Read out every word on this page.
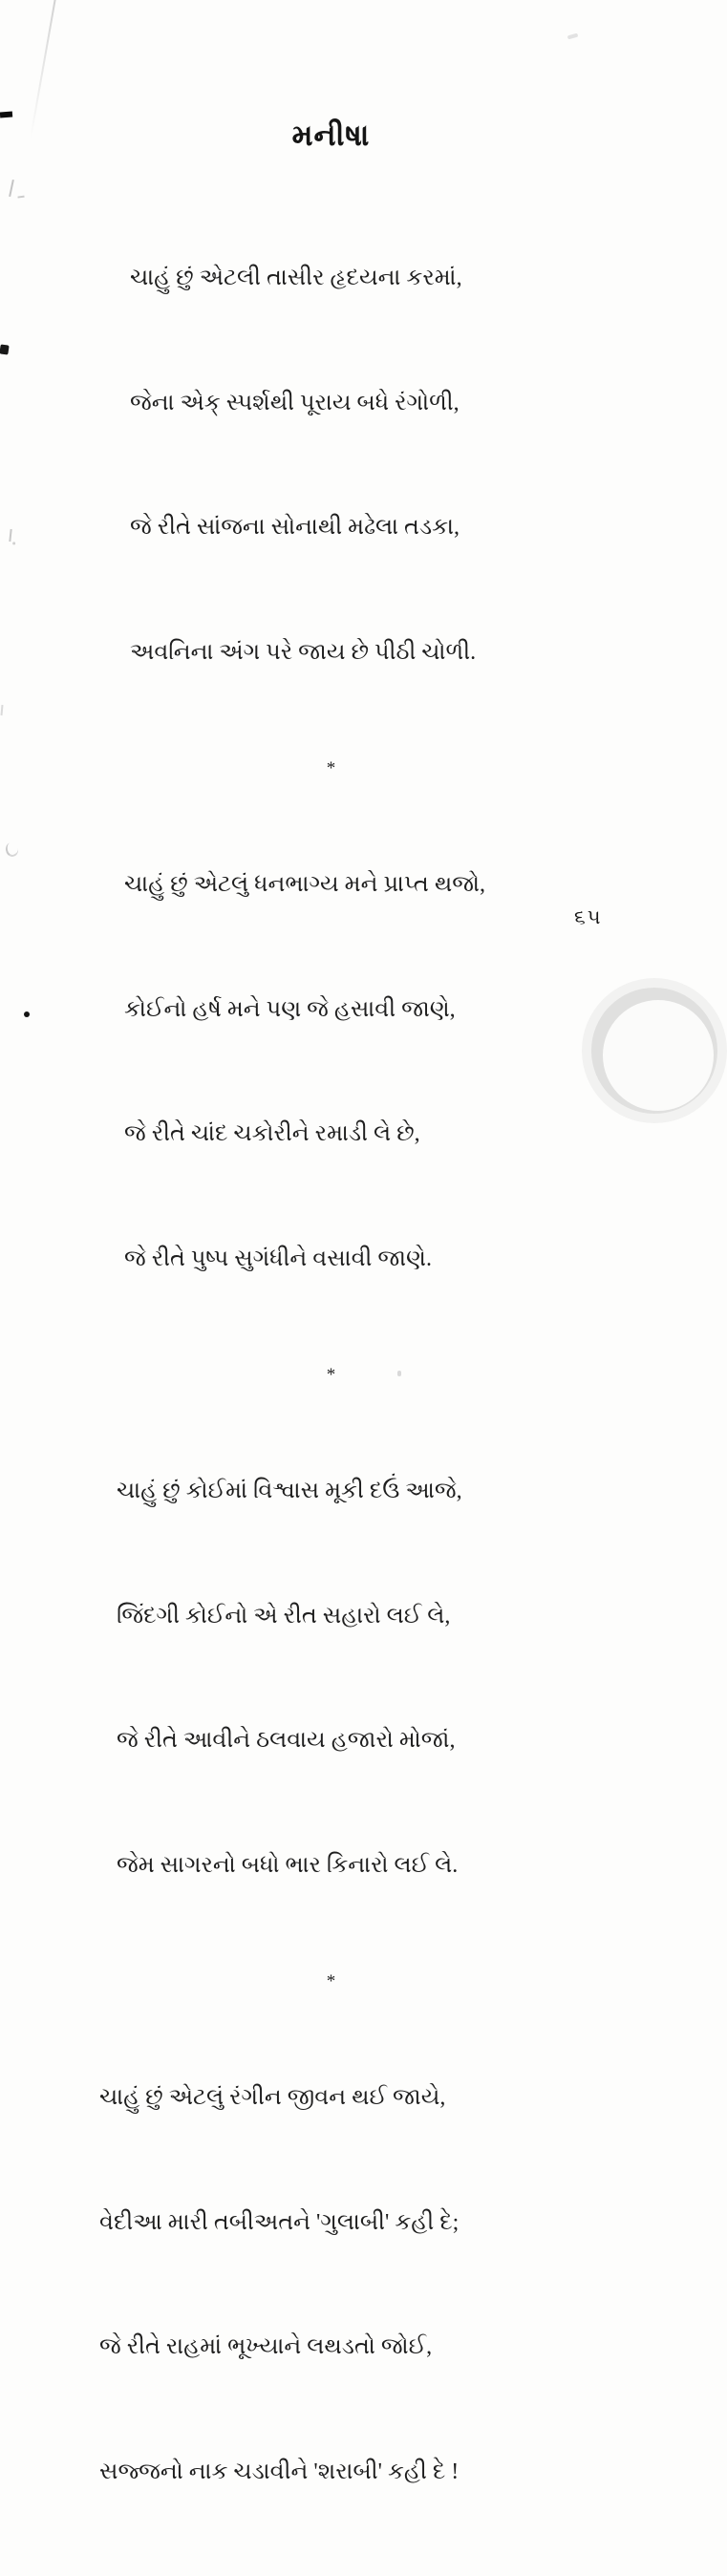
મનીષા

ચાહું છું એટલી તાસીર હૃદયના કરમાં,

જેના એક્ સ્પર્શથી પૂરાય બધે રંગોળી,

જે રીતે સાંજના સોનાથી મઢેલા તડકા,

અવનિના અંગ પરે જાય છે પીઠી ચોળી.

*

ચાહું છું એટલું ધનભાગ્ય મને પ્રાપ્ત થજો,

કોઈનો હર્ષ મને પણ જે હસાવી જાણે,

જે રીતે ચાંદ ચકોરીને રમાડી લે છે,

જે રીતે પુષ્પ સુગંધીને વસાવી જાણે.

*

ચાહું છું કોઈમાં વિશ્વાસ મૂકી દઉં આજે,

જિંદગી કોઈનો એ રીત સહારો લઈ લે,

જે રીતે આવીને ઠલવાય હજારો મોજાં,

જેમ સાગરનો બધો ભાર કિનારો લઈ લે.

*

ચાહું છું એટલું રંગીન જીવન થઈ જાયે,

વેદીઆ મારી તબીઅતને 'ગુલાબી' કહી દે;

જે રીતે રાહમાં ભૂખ્યાને લથડતો જોઈ,

સજ્જનો નાક ચડાવીને 'શરાબી' કહી દે !

૬૫
